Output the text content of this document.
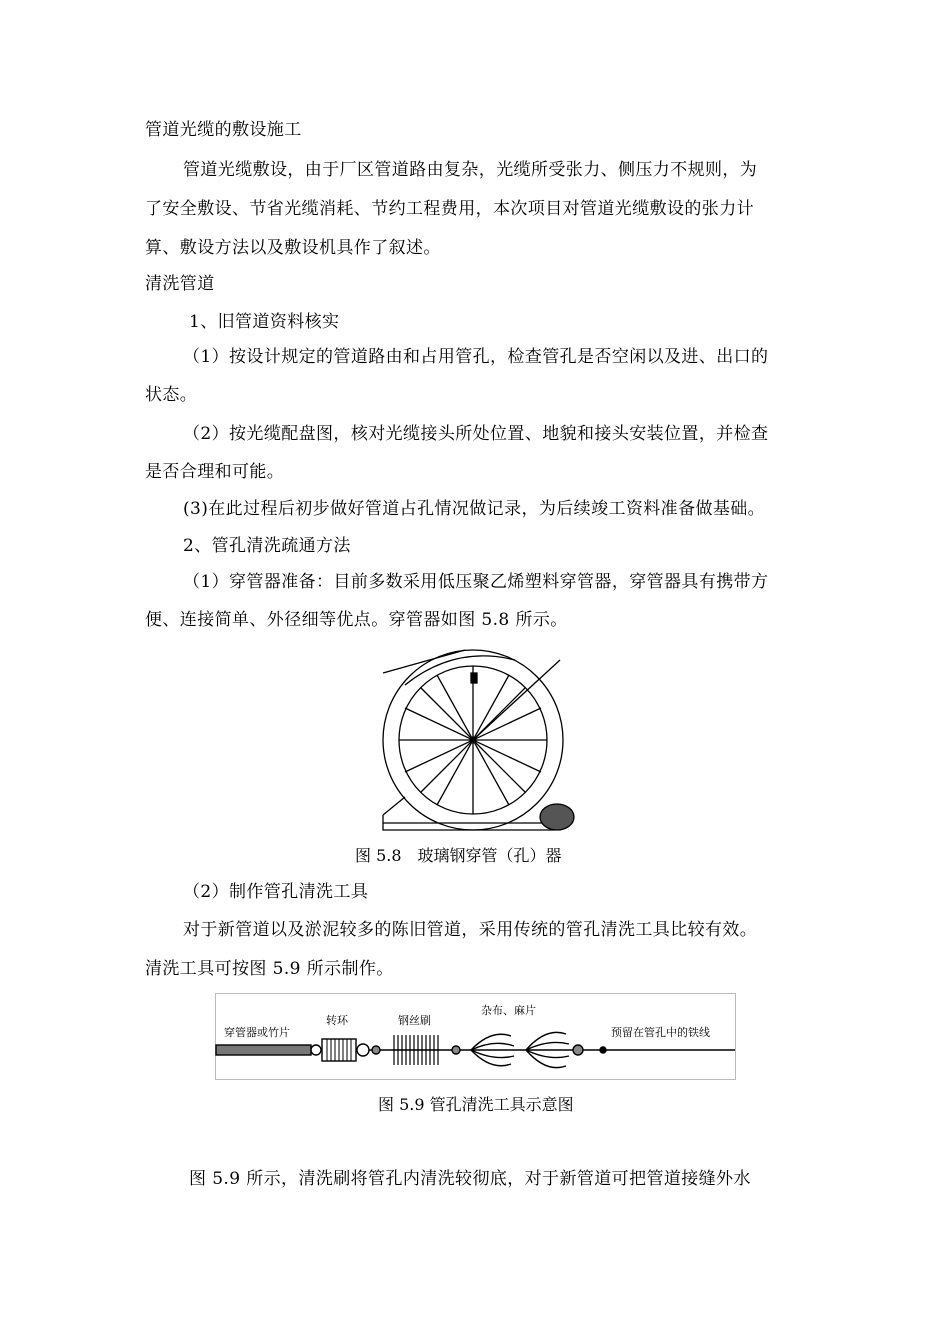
管道光缆的敷设施工
管道光缆敷设，由于厂区管道路由复杂，光缆所受张力、侧压力不规则，为
了安全敷设、节省光缆消耗、节约工程费用，本次项目对管道光缆敷设的张力计
算、敷设方法以及敷设机具作了叙述。
清洗管道
1、旧管道资料核实
（1）按设计规定的管道路由和占用管孔，检查管孔是否空闲以及进、出口的
状态。
（2）按光缆配盘图，核对光缆接头所处位置、地貌和接头安装位置，并检查
是否合理和可能。
(3)在此过程后初步做好管道占孔情况做记录，为后续竣工资料准备做基础。
2、管孔清洗疏通方法
（1）穿管器准备：目前多数采用低压聚乙烯塑料穿管器，穿管器具有携带方
便、连接简单、外径细等优点。穿管器如图 5.8 所示。
图 5.8　玻璃钢穿管（孔）器
（2）制作管孔清洗工具
对于新管道以及淤泥较多的陈旧管道，采用传统的管孔清洗工具比较有效。
清洗工具可按图 5.9 所示制作。
穿管器或竹片
转环	钢丝刷
杂布、麻片
预留在管孔中的铁线
图 5.9 管孔清洗工具示意图
图 5.9 所示，清洗刷将管孔内清洗较彻底，对于新管道可把管道接缝外水
